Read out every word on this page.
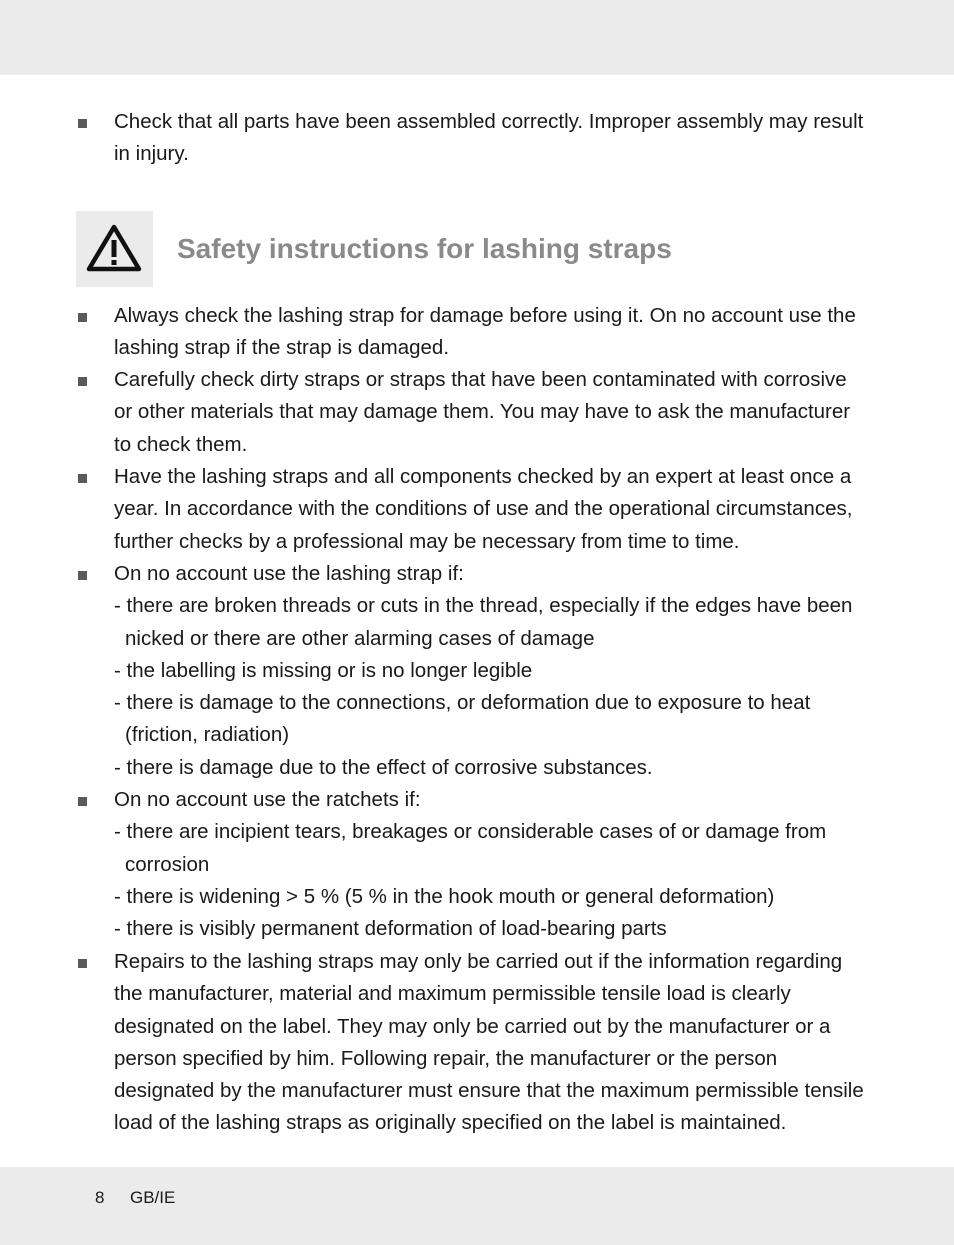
Check that all parts have been assembled correctly. Improper assembly may result in injury.
Safety instructions for lashing straps
Always check the lashing strap for damage before using it. On no account use the lashing strap if the strap is damaged.
Carefully check dirty straps or straps that have been contaminated with corrosive or other materials that may damage them. You may have to ask the manufacturer to check them.
Have the lashing straps and all components checked by an expert at least once a year. In accordance with the conditions of use and the operational circumstances, further checks by a professional may be necessary from time to time.
On no account use the lashing strap if:
- there are broken threads or cuts in the thread, especially if the edges have been nicked or there are other alarming cases of damage
- the labelling is missing or is no longer legible
- there is damage to the connections, or deformation due to exposure to heat (friction, radiation)
- there is damage due to the effect of corrosive substances.
On no account use the ratchets if:
- there are incipient tears, breakages or considerable cases of or damage from corrosion
- there is widening > 5 % (5 % in the hook mouth or general deformation)
- there is visibly permanent deformation of load-bearing parts
Repairs to the lashing straps may only be carried out if the information regarding the manufacturer, material and maximum permissible tensile load is clearly designated on the label. They may only be carried out by the manufacturer or a person specified by him. Following repair, the manufacturer or the person designated by the manufacturer must ensure that the maximum permissible tensile load of the lashing straps as originally specified on the label is maintained.
8 GB/IE
